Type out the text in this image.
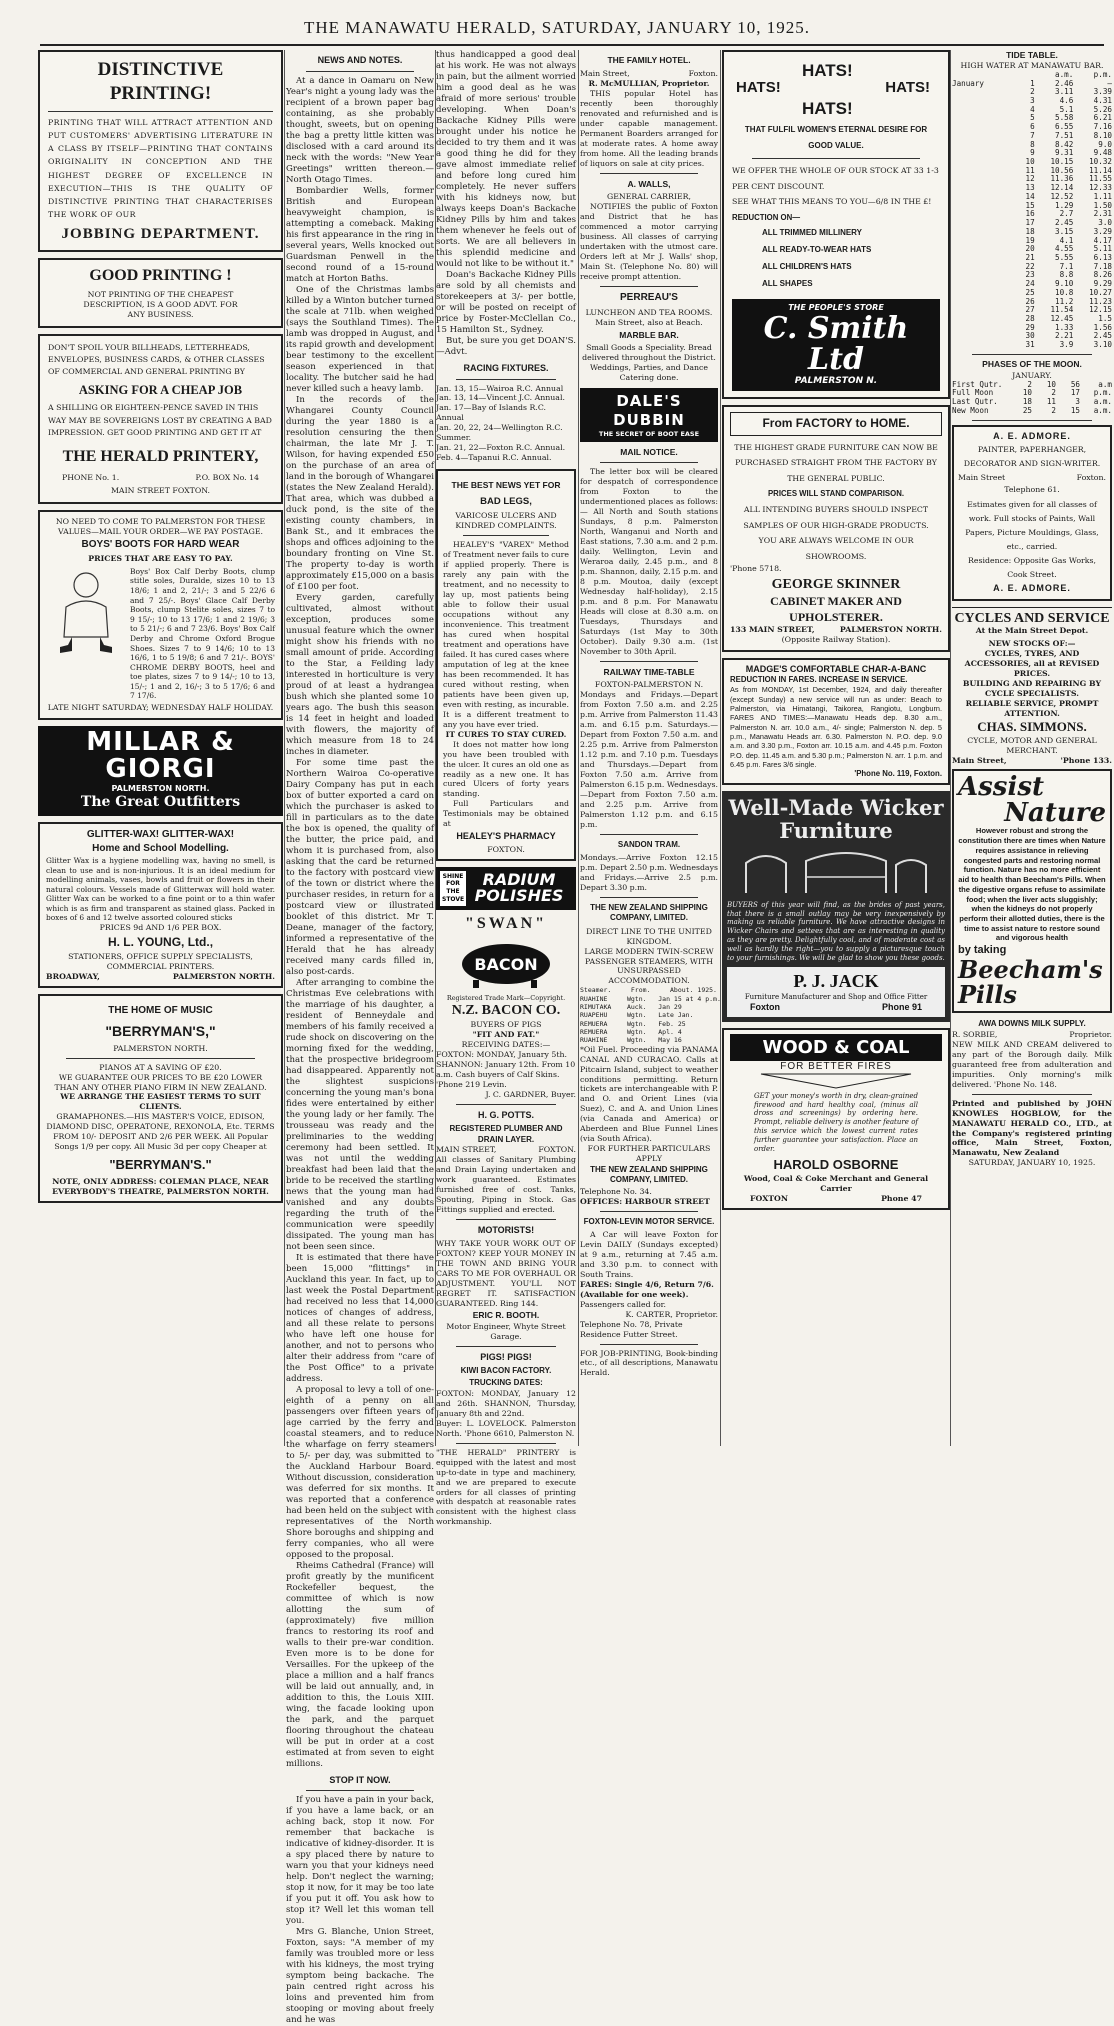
THE MANAWATU HERALD, SATURDAY, JANUARY 10, 1925.
DISTINCTIVE PRINTING!
PRINTING THAT WILL ATTRACT ATTENTION AND PUT CUSTOMERS' ADVERTISING LITERATURE IN A CLASS BY ITSELF—PRINTING THAT CONTAINS ORIGINALITY IN CONCEPTION AND THE HIGHEST DEGREE OF EXCELLENCE IN EXECUTION—THIS IS THE QUALITY OF DISTINCTIVE PRINTING THAT CHARACTERISES THE WORK OF OUR
JOBBING DEPARTMENT.
GOOD PRINTING !
NOT PRINTING OF THE CHEAPEST DESCRIPTION, IS A GOOD ADVT. FOR ANY BUSINESS.
DON'T SPOIL YOUR BILLHEADS, LETTERHEADS, ENVELOPES, BUSINESS CARDS, & OTHER CLASSES OF COMMERCIAL AND GENERAL PRINTING BY
ASKING FOR A CHEAP JOB
A SHILLING OR EIGHTEEN-PENCE SAVED IN THIS WAY MAY BE SOVEREIGNS LOST BY CREATING A BAD IMPRESSION. GET GOOD PRINTING AND GET IT AT
THE HERALD PRINTERY,
PHONE No. 1.	P.O. BOX No. 14
MAIN STREET FOXTON.
NO NEED TO COME TO PALMERSTON FOR THESE VALUES—MAIL YOUR ORDER—WE PAY POSTAGE.
BOYS' BOOTS FOR HARD WEAR
PRICES THAT ARE EASY TO PAY.
Boys' Box Calf Derby Boots, clump stitle soles, Duralde, sizes 10 to 13 18/6; 1 and 2, 21/-; 3 and 5 22/6 6 and 7 25/-. Boys' Glace Calf Derby Boots, clump Stelite soles, sizes 7 to 9 15/-; 10 to 13 17/6; 1 and 2 19/6; 3 to 5 21/-; 6 and 7 23/6. Boys' Box Calf Derby and Chrome Oxford Brogue Shoes. Sizes 7 to 9 14/6; 10 to 13 16/6, 1 to 5 19/8; 6 and 7 21/-. BOYS' CHROME DERBY BOOTS, heel and toe plates, sizes 7 to 9 14/-; 10 to 13, 15/-; 1 and 2, 16/-; 3 to 5 17/6; 6 and 7 17/6.
LATE NIGHT SATURDAY; WEDNESDAY HALF HOLIDAY.
MILLAR & GIORGI
PALMERSTON NORTH.
The Great Outfitters
GLITTER-WAX! GLITTER-WAX!
Home and School Modelling.
Glitter Wax is a hygiene modelling wax, having no smell, is clean to use and is non-injurious. It is an ideal medium for modelling animals, vases, bowls and fruit or flowers in their natural colours. Vessels made of Glitterwax will hold water. Glitter Wax can be worked to a fine point or to a thin wafer which is as firm and transparent as stained glass. Packed in boxes of 6 and 12 twelve assorted coloured sticks
PRICES 9d AND 1/6 PER BOX.
H. L. YOUNG, Ltd.,
STATIONERS, OFFICE SUPPLY SPECIALISTS, COMMERCIAL PRINTERS.
BROADWAY,	PALMERSTON NORTH.
THE HOME OF MUSIC
"BERRYMAN'S,"
PALMERSTON NORTH.
PIANOS AT A SAVING OF £20.
WE GUARANTEE OUR PRICES TO BE £20 LOWER THAN ANY OTHER PIANO FIRM IN NEW ZEALAND.
WE ARRANGE THE EASIEST TERMS TO SUIT CLIENTS.
GRAMAPHONES.—HIS MASTER'S VOICE, EDISON, DIAMOND DISC, OPERATONE, REXONOLA, Etc. TERMS FROM 10/- DEPOSIT AND 2/6 PER WEEK. All Popular Songs 1/9 per copy. All Music 3d per copy Cheaper at
"BERRYMAN'S."
NOTE, ONLY ADDRESS: COLEMAN PLACE, NEAR EVERYBODY'S THEATRE, PALMERSTON NORTH.
NEWS AND NOTES.

At a dance in Oamaru on New Year's night a young lady was the recipient of a brown paper bag containing, as she probably thought, sweets, but on opening the bag a pretty little kitten was disclosed with a card around its neck with the words: "New Year Greetings" written thereon.—North Otago Times.

Bombardier Wells, former British and European heavyweight champion, is attempting a comeback. Making his first appearance in the ring in several years, Wells knocked out Guardsman Penwell in the second round of a 15-round match at Horton Baths.

One of the Christmas lambs killed by a Winton butcher turned the scale at 71lb. when weighed (says the Southland Times). The lamb was dropped in August, and its rapid growth and development bear testimony to the excellent season experienced in that locality. The butcher said he had never killed such a heavy lamb.

In the records of the Whangarei County Council during the year 1880 is a resolution censuring the then chairman, the late Mr J. T. Wilson, for having expended £50 on the purchase of an area of land in the borough of Whangarei (states the New Zealand Herald). That area, which was dubbed a duck pond, is the site of the existing county chambers, in Bank St., and it embraces the shops and offices adjoining to the boundary fronting on Vine St. The property to-day is worth approximately £15,000 on a basis of £100 per foot.

Every garden, carefully cultivated, almost without exception, produces some unusual feature which the owner might show his friends with no small amount of pride. According to the Star, a Feilding lady interested in horticulture is very proud of at least a hydrangea bush which she planted some 10 years ago. The bush this season is 14 feet in height and loaded with flowers, the majority of which measure from 18 to 24 inches in diameter.

For some time past the Northern Wairoa Co-operative Dairy Company has put in each box of butter exported a card on which the purchaser is asked to fill in particulars as to the date the box is opened, the quality of the butter, the price paid, and whom it is purchased from, also asking that the card be returned to the factory with postcard view of the town or district where the purchaser resides, in return for a postcard view or illustrated booklet of this district. Mr T. Deane, manager of the factory, informed a representative of the Herald that he has already received many cards filled in, also post-cards.

After arranging to combine the Christmas Eve celebrations with the marriage of his daughter, a resident of Benneydale and members of his family received a rude shock on discovering on the morning fixed for the wedding, that the prospective bridegroom had disappeared. Apparently not the slightest suspicions concerning the young man's bona fides were entertained by either the young lady or her family. The trousseau was ready and the preliminaries to the wedding ceremony had been settled. It was not until the wedding breakfast had been laid that the bride to be received the startling news that the young man had vanished and any doubts regarding the truth of the communication were speedily dissipated. The young man has not been seen since.

It is estimated that there have been 15,000 "flittings" in Auckland this year. In fact, up to last week the Postal Department had received no less that 14,000 notices of changes of address, and all these relate to persons who have left one house for another, and not to persons who alter their address from "care of the Post Office" to a private address.

A proposal to levy a toll of one-eighth of a penny on all passengers over fifteen years of age carried by the ferry and coastal steamers, and to reduce the wharfage on ferry steamers to 5/- per day, was submitted to the Auckland Harbour Board. Without discussion, consideration was deferred for six months. It was reported that a conference had been held on the subject with representatives of the North Shore boroughs and shipping and ferry companies, who all were opposed to the proposal.

Rheims Cathedral (France) will profit greatly by the munificent Rockefeller bequest, the committee of which is now allotting the sum of (approximately) five million francs to restoring its roof and walls to their pre-war condition. Even more is to be done for Versailles. For the upkeep of the place a million and a half francs will be laid out annually, and, in addition to this, the Louis XIII. wing, the facade looking upon the park, and the parquet flooring throughout the chateau will be put in order at a cost estimated at from seven to eight millions.

STOP IT NOW.

If you have a pain in your back, if you have a lame back, or an aching back, stop it now. For remember that backache is indicative of kidney-disorder. It is a spy placed there by nature to warn you that your kidneys need help. Don't neglect the warning; stop it now, for it may be too late if you put it off. You ask how to stop it? Well let this woman tell you.

Mrs G. Blanche, Union Street, Foxton, says: "A member of my family was troubled more or less with his kidneys, the most trying symptom being backache. The pain centred right across his loins and prevented him from stooping or moving about freely and he was

thus handicapped a good deal at his work. He was not always in pain, but the ailment worried him a good deal as he was afraid of more serious' trouble developing. When Doan's Backache Kidney Pills were brought under his notice he decided to try them and it was a good thing he did for they gave almost immediate relief and before long cured him completely. He never suffers with his kidneys now, but always keeps Doan's Backache Kidney Pills by him and takes them whenever he feels out of sorts. We are all believers in this splendid medicine and would not like to be without it."

Doan's Backache Kidney Pills are sold by all chemists and storekeepers at 3/- per bottle, or will be posted on receipt of price by Foster-McClellan Co., 15 Hamilton St., Sydney.

But, be sure you get DOAN'S.—Advt.

RACING FIXTURES.
Jan. 13, 15—Wairoa R.C. Annual
Jan. 13, 14—Vincent J.C. Annual.
Jan. 17—Bay of Islands R.C. Annual
Jan. 20, 22, 24—Wellington R.C. Summer.
Jan. 21, 22—Foxton R.C. Annual.
Feb. 4—Tapanui R.C. Annual.
THE BEST NEWS YET FOR
BAD LEGS,
VARICOSE ULCERS AND KINDRED COMPLAINTS.

HEALEY'S "VAREX" Method of Treatment never fails to cure if applied properly. There is rarely any pain with the treatment, and no necessity to lay up, most patients being able to follow their usual occupations without any inconvenience. This treatment has cured when hospital treatment and operations have failed. It has cured cases where amputation of leg at the knee has been recommended. It has cured without resting, when patients have been given up, even with resting, as incurable. It is a different treatment to any you have ever tried.

IT CURES TO STAY CURED.

It does not matter how long you have been troubled with the ulcer. It cures an old one as readily as a new one. It has cured Ulcers of forty years standing.

Full Particulars and Testimonials may be obtained at

HEALEY'S PHARMACY
FOXTON.
SHINE FOR THE STOVE
RADIUM POLISHES
"SWAN"
BACON
Registered Trade Mark—Copyright.
N.Z. BACON CO.
BUYERS OF PIGS
"FIT AND FAT."
RECEIVING DATES:—
FOXTON: MONDAY, January 5th. SHANNON: January 12th. From 10 a.m. Cash buyers of Calf Skins. 'Phone 219 Levin.
J. C. GARDNER, Buyer.
H. G. POTTS.
REGISTERED PLUMBER AND DRAIN LAYER.
MAIN STREET,	FOXTON.

All classes of Sanitary Plumbing and Drain Laying undertaken and work guaranteed. Estimates furnished free of cost. Tanks, Spouting, Piping in Stock. Gas Fittings supplied and erected.

MOTORISTS!

WHY TAKE YOUR WORK OUT OF FOXTON? KEEP YOUR MONEY IN THE TOWN AND BRING YOUR CARS TO ME FOR OVERHAUL OR ADJUSTMENT. YOU'LL NOT REGRET IT. SATISFACTION GUARANTEED. Ring 144.

ERIC R. BOOTH.
Motor Engineer, Whyte Street Garage.
PIGS! PIGS!
KIWI BACON FACTORY.
TRUCKING DATES:

FOXTON: MONDAY, January 12 and 26th. SHANNON, Thursday, January 8th and 22nd.

Buyer: L. LOVELOCK. Palmerston North. 'Phone 6610, Palmerston N.

"THE HERALD" PRINTERY is equipped with the latest and most up-to-date in type and machinery, and we are prepared to execute orders for all classes of printing with despatch at reasonable rates consistent with the highest class workmanship.

THE FAMILY HOTEL.
Main Street,	Foxton.
R. McMULLIAN, Proprietor.

THIS popular Hotel has recently been thoroughly renovated and refurnished and is under capable management. Permanent Boarders arranged for at moderate rates. A home away from home. All the leading brands of liquors on sale at city prices.

A. WALLS,
GENERAL CARRIER,

NOTIFIES the public of Foxton and District that he has commenced a motor carrying business. All classes of carrying undertaken with the utmost care. Orders left at Mr J. Walls' shop, Main St. (Telephone No. 80) will receive prompt attention.

PERREAU'S
LUNCHEON AND TEA ROOMS. Main Street, also at Beach.
MARBLE BAR.
Small Goods a Speciality. Bread delivered throughout the District. Weddings, Parties, and Dance Catering done.
DALE'S DUBBIN
THE SECRET OF BOOT EASE
MAIL NOTICE.

The letter box will be cleared for despatch of correspondence from Foxton to the undermentioned places as follows:— All North and South stations Sundays, 8 p.m. Palmerston North, Wanganui and North and East stations, 7.30 a.m. and 2 p.m. daily. Wellington, Levin and Weraroa daily, 2.45 p.m., and 8 p.m. Shannon, daily, 2.15 p.m. and 8 p.m. Moutoa, daily (except Wednesday half-holiday), 2.15 p.m. and 8 p.m. For Manawatu Heads will close at 8.30 a.m. on Tuesdays, Thursdays and Saturdays (1st May to 30th October). Daily 9.30 a.m. (1st November to 30th April.

RAILWAY TIME-TABLE
FOXTON-PALMERSTON N.

Mondays and Fridays.—Depart from Foxton 7.50 a.m. and 2.25 p.m. Arrive from Palmerston 11.43 a.m. and 6.15 p.m. Saturdays.—Depart from Foxton 7.50 a.m. and 2.25 p.m. Arrive from Palmerston 1.12 p.m. and 7.10 p.m. Tuesdays and Thursdays.—Depart from Foxton 7.50 a.m. Arrive from Palmerston 6.15 p.m. Wednesdays.—Depart from Foxton 7.50 a.m. and 2.25 p.m. Arrive from Palmerston 1.12 p.m. and 6.15 p.m.

SANDON TRAM.

Mondays.—Arrive Foxton 12.15 p.m. Depart 2.50 p.m. Wednesdays and Fridays.—Arrive 2.5 p.m. Depart 3.30 p.m.

THE NEW ZEALAND SHIPPING COMPANY, LIMITED.
DIRECT LINE TO THE UNITED KINGDOM.
LARGE MODERN TWIN-SCREW PASSENGER STEAMERS, WITH UNSURPASSED ACCOMMODATION.
Steamer.     From.     About. 1925.
RUAHINE     Wgtn.   Jan 15 at 4 p.m.
RIMUTAKA    Auck.   Jan 29
RUAPEHU     Wgtn.   Late Jan.
REMUERA     Wgtn.   Feb. 25
REMUERA     Wgtn.   Apl. 4
RUAHINE     Wgtn.   May 16

*Oil Fuel. Proceeding via PANAMA CANAL AND CURACAO. Calls at Pitcairn Island, subject to weather conditions permitting. Return tickets are interchangeable with P. and O. and Orient Lines (via Suez), C. and A. and Union Lines (via Canada and America) or Aberdeen and Blue Funnel Lines (via South Africa).

FOR FURTHER PARTICULARS APPLY
THE NEW ZEALAND SHIPPING COMPANY, LIMITED.
Telephone No. 34.
OFFICES: HARBOUR STREET
FOXTON-LEVIN MOTOR SERVICE.

A Car will leave Foxton for Levin DAILY (Sundays excepted) at 9 a.m., returning at 7.45 a.m. and 3.30 p.m. to connect with South Trains.

FARES: Single 4/6, Return 7/6. (Available for one week).
Passengers called for.
K. CARTER, Proprietor.
Telephone No. 78, Private Residence Futter Street.

FOR JOB-PRINTING, Book-binding etc., of all descriptions, Manawatu Herald.

HATS!
HATS!	HATS!
HATS!
THAT FULFIL WOMEN'S ETERNAL DESIRE FOR GOOD VALUE.
WE OFFER THE WHOLE OF OUR STOCK AT 33 1-3 PER CENT DISCOUNT.
SEE WHAT THIS MEANS TO YOU—6/8 IN THE £!
REDUCTION ON—
ALL TRIMMED MILLINERY
ALL READY-TO-WEAR HATS
ALL CHILDREN'S HATS
ALL SHAPES
THE PEOPLE'S STORE
C. Smith Ltd
PALMERSTON N.
From FACTORY to HOME.
THE HIGHEST GRADE FURNITURE CAN NOW BE PURCHASED STRAIGHT FROM THE FACTORY BY THE GENERAL PUBLIC.
PRICES WILL STAND COMPARISON.
ALL INTENDING BUYERS SHOULD INSPECT SAMPLES OF OUR HIGH-GRADE PRODUCTS.
YOU ARE ALWAYS WELCOME IN OUR SHOWROOMS.
'Phone 5718.
GEORGE SKINNER
CABINET MAKER AND UPHOLSTERER.
133 MAIN STREET,	PALMERSTON NORTH.
(Opposite Railway Station).
MADGE'S COMFORTABLE CHAR-A-BANC
REDUCTION IN FARES. INCREASE IN SERVICE.

As from MONDAY, 1st December, 1924, and daily thereafter (except Sunday) a new service will run as under: Beach to Palmerston, via Himatangi, Taikorea, Rangiotu, Longburn. FARES AND TIMES:—Manawatu Heads dep. 8.30 a.m., Palmerston N. arr. 10.0 a.m., 4/- single; Palmerston N. dep. 5 p.m., Manawatu Heads arr. 6.30. Palmerston N. P.O. dep. 9.0 a.m. and 3.30 p.m., Foxton arr. 10.15 a.m. and 4.45 p.m. Foxton P.O. dep. 11.45 a.m. and 5.30 p.m.; Palmerston N. arr. 1 p.m. and 6.45 p.m. Fares 3/6 single.

'Phone No. 119, Foxton.
Well-Made Wicker Furniture

BUYERS of this year will find, as the brides of past years, that there is a small outlay may be very inexpensively by making us reliable furniture. We have attractive designs in Wicker Chairs and settees that are as interesting in quality as they are pretty. Delightfully cool, and of moderate cost as well as hardly the right—you to supply a picturesque touch to your furnishings. We will be glad to show you these goods.

P. J. JACK
Furniture Manufacturer and Shop and Office Fitter
Foxton	Phone 91
WOOD & COAL
FOR BETTER FIRES

GET your money's worth in dry, clean-grained firewood and hard healthy coal, (minus all dross and screenings) by ordering here. Prompt, reliable delivery is another feature of this service which the lowest current rates further guarantee your satisfaction. Place an order.

HAROLD OSBORNE
Wood, Coal & Coke Merchant and General Carrier
FOXTON	Phone 47
TIDE TABLE.
HIGH WATER AT MANAWATU BAR.
a.m.	p.m.
January	1	2.46	—
2	3.11	3.39
3	4.6	4.31
4	5.1	5.26
5	5.58	6.21
6	6.55	7.16
7	7.51	8.10
8	8.42	9.0
9	9.31	9.48
10	10.15	10.32
11	10.56	11.14
12	11.36	11.55
13	12.14	12.33
14	12.52	1.11
15	1.29	1.50
16	2.7	2.31
17	2.45	3.0
18	3.15	3.29
19	4.1	4.17
20	4.55	5.11
21	5.55	6.13
22	7.1	7.18
23	8.8	8.26
24	9.10	9.29
25	10.8	10.27
26	11.2	11.23
27	11.54	12.15
28	12.45	1.5
29	1.33	1.56
30	2.21	2.45
31	3.9	3.10
PHASES OF THE MOON.
JANUARY.
First Qutr.	2	10	56	a.m
Full Moon	10	2	17	p.m.
Last Qutr.	18	11	3	a.m.
New Moon	25	2	15	a.m.
A. E. ADMORE.
PAINTER, PAPERHANGER, DECORATOR AND SIGN-WRITER.
Main Street	Foxton.
Telephone 61.
Estimates given for all classes of work. Full stocks of Paints, Wall Papers, Picture Mouldings, Glass, etc., carried.
Residence: Opposite Gas Works, Cook Street.
A. E. ADMORE.
CYCLES AND SERVICE
At the Main Street Depot.
NEW STOCKS OF:—
CYCLES, TYRES, AND ACCESSORIES, all at REVISED PRICES.
BUILDING AND REPAIRING BY CYCLE SPECIALISTS.
RELIABLE SERVICE, PROMPT ATTENTION.
CHAS. SIMMONS.
CYCLE, MOTOR AND GENERAL MERCHANT.
Main Street,	'Phone 133.
Assist
Nature

However robust and strong the constitution there are times when Nature requires assistance in relieving congested parts and restoring normal function. Nature has no more efficient aid to health than Beecham's Pills. When the digestive organs refuse to assimilate food; when the liver acts sluggishly; when the kidneys do not properly perform their allotted duties, there is the time to assist nature to restore sound and vigorous health

by taking
Beecham's Pills
AWA DOWNS MILK SUPPLY.
R. SORBIE,	Proprietor.

NEW MILK AND CREAM delivered to any part of the Borough daily. Milk guaranteed free from adulteration and impurities. Only morning's milk delivered. 'Phone No. 148.

Printed and published by JOHN KNOWLES HOGBLOW, for the MANAWATU HERALD CO., LTD., at the Company's registered printing office, Main Street, Foxton, Manawatu, New Zealand

SATURDAY, JANUARY 10, 1925.
